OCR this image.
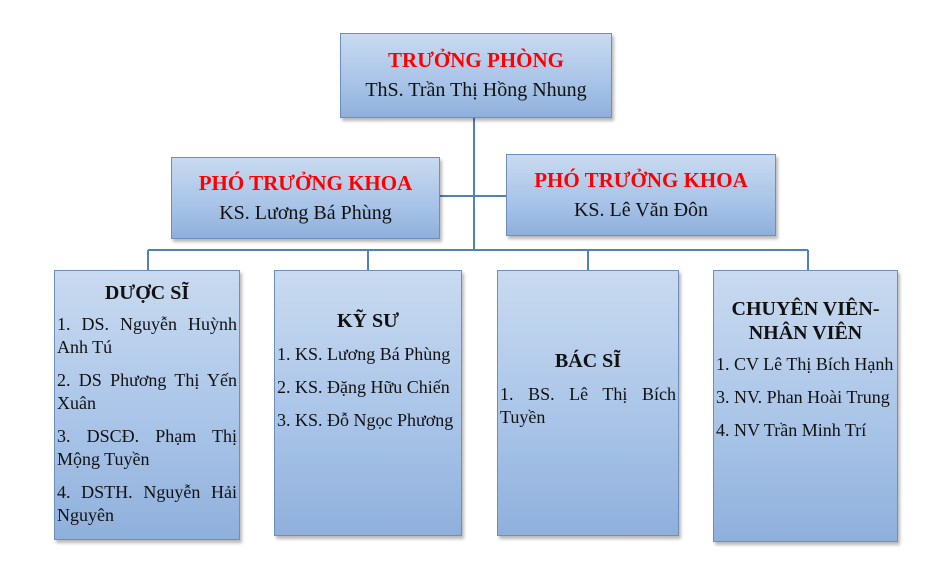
TRƯỞNG PHÒNG
ThS. Trần Thị Hồng Nhung
PHÓ TRƯỞNG KHOA
KS. Lương Bá Phùng
PHÓ TRƯỞNG KHOA
KS. Lê Văn Đôn
DƯỢC SĨ
1. DS. Nguyễn Huỳnh Anh Tú
2. DS Phương Thị Yến Xuân
3. DSCĐ. Phạm Thị Mộng Tuyền
4. DSTH. Nguyễn Hải Nguyên
KỸ SƯ
1. KS. Lương Bá Phùng
2. KS. Đặng Hữu Chiến
3. KS. Đỗ Ngọc Phương
BÁC SĨ
1. BS. Lê Thị Bích Tuyền
CHUYÊN VIÊN-NHÂN VIÊN
1. CV Lê Thị Bích Hạnh
3. NV. Phan Hoài Trung
4. NV Trần Minh Trí
